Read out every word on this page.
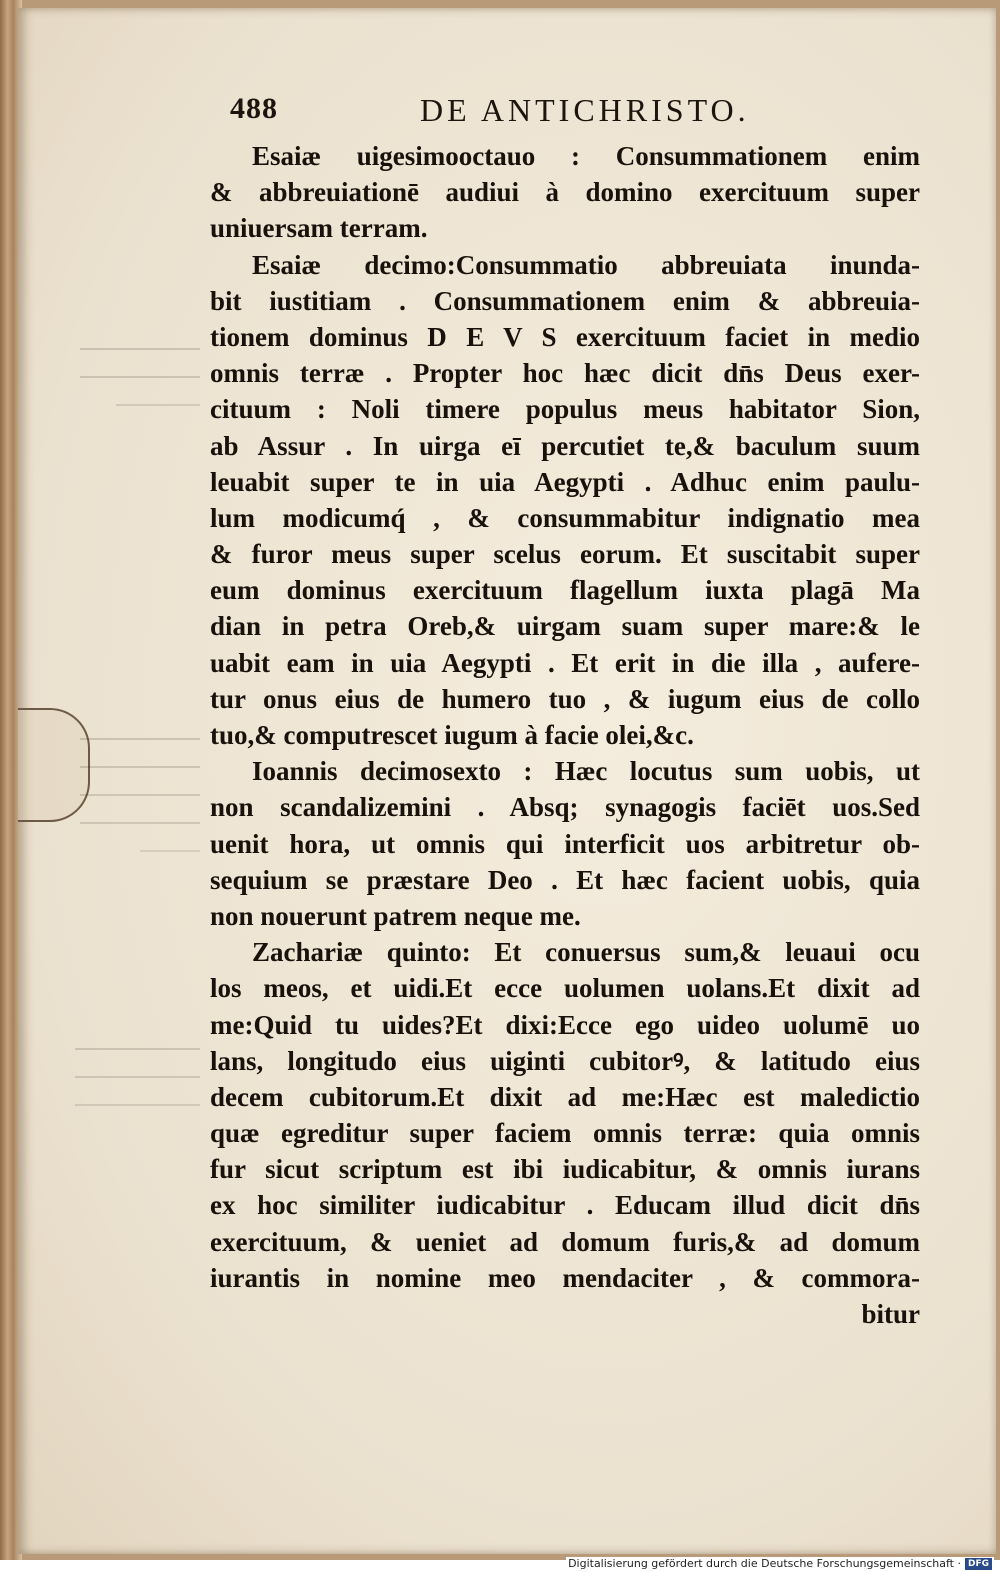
488	DE ANTICHRISTO.
Esaiæ uigesimooctauo : Consummationem enim
& abbreuiationē audiui à domino exercituum super
uniuersam terram.
Esaiæ decimo:Consummatio abbreuiata inunda-
bit iustitiam . Consummationem enim & abbreuia-
tionem dominus D E V S exercituum faciet in medio
omnis terræ . Propter hoc hæc dicit dn̄s Deus exer-
cituum : Noli timere populus meus habitator Sion,
ab Assur . In uirga eī percutiet te,& baculum suum
leuabit super te in uia Aegypti . Adhuc enim paulu-
lum modicumq́ , & consummabitur indignatio mea
& furor meus super scelus eorum. Et suscitabit super
eum dominus exercituum flagellum iuxta plagā Ma
dian in petra Oreb,& uirgam suam super mare:& le
uabit eam in uia Aegypti . Et erit in die illa , aufere-
tur onus eius de humero tuo , & iugum eius de collo
tuo,& computrescet iugum à facie olei,&c.
Ioannis decimosexto : Hæc locutus sum uobis, ut
non scandalizemini . Absq; synagogis faciēt uos.Sed
uenit hora, ut omnis qui interficit uos arbitretur ob-
sequium se præstare Deo . Et hæc facient uobis, quia
non nouerunt patrem neque me.
Zachariæ quinto: Et conuersus sum,& leuaui ocu
los meos, et uidi.Et ecce uolumen uolans.Et dixit ad
me:Quid tu uides?Et dixi:Ecce ego uideo uolumē uo
lans, longitudo eius uiginti cubitorꝰ, & latitudo eius
decem cubitorum.Et dixit ad me:Hæc est maledictio
quæ egreditur super faciem omnis terræ: quia omnis
fur sicut scriptum est ibi iudicabitur, & omnis iurans
ex hoc similiter iudicabitur . Educam illud dicit dn̄s
exercituum, & ueniet ad domum furis,& ad domum
iurantis in nomine meo mendaciter , & commora-
bitur
Digitalisierung gefördert durch die Deutsche Forschungsgemeinschaft · DFG
